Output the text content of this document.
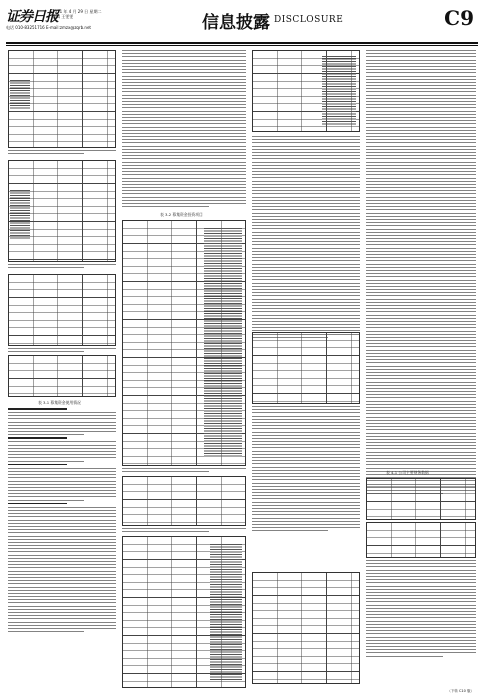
证券日报
2021 年 4 月 29 日 星期二
编辑 王雯雯
电话 010-83251716 E-mail:zmzx@zqrb.net	信息披露 DISCLOSURE	C9
表 3-1 募集资金使用情况
表 3-2 募集资金投资项目
表 4-1 公司主要财务数据
（下转 C10 版）
